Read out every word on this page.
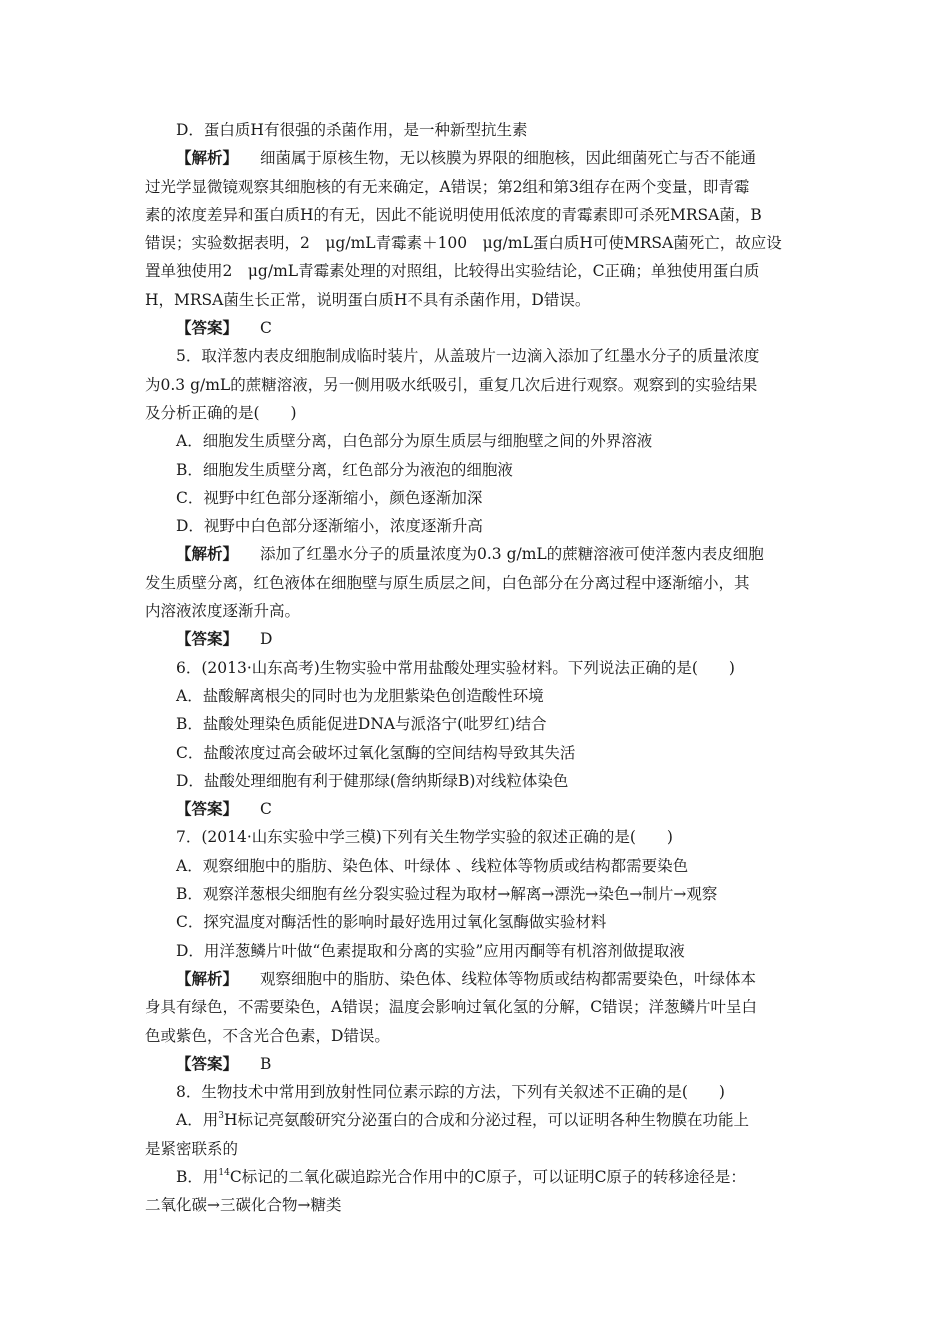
D．蛋白质H有很强的杀菌作用，是一种新型抗生素
【解析】 细菌属于原核生物，无以核膜为界限的细胞核，因此细菌死亡与否不能通
过光学显微镜观察其细胞核的有无来确定，A错误；第2组和第3组存在两个变量，即青霉
素的浓度差异和蛋白质H的有无，因此不能说明使用低浓度的青霉素即可杀死MRSA菌，B
错误；实验数据表明，2　μg/mL青霉素＋100　μg/mL蛋白质H可使MRSA菌死亡，故应设
置单独使用2　μg/mL青霉素处理的对照组，比较得出实验结论，C正确；单独使用蛋白质
H，MRSA菌生长正常，说明蛋白质H不具有杀菌作用，D错误。
【答案】 C
5．取洋葱内表皮细胞制成临时装片，从盖玻片一边滴入添加了红墨水分子的质量浓度
为0.3 g/mL的蔗糖溶液，另一侧用吸水纸吸引，重复几次后进行观察。观察到的实验结果
及分析正确的是(　　)
A．细胞发生质壁分离，白色部分为原生质层与细胞壁之间的外界溶液
B．细胞发生质壁分离，红色部分为液泡的细胞液
C．视野中红色部分逐渐缩小，颜色逐渐加深
D．视野中白色部分逐渐缩小，浓度逐渐升高
【解析】 添加了红墨水分子的质量浓度为0.3 g/mL的蔗糖溶液可使洋葱内表皮细胞
发生质壁分离，红色液体在细胞壁与原生质层之间，白色部分在分离过程中逐渐缩小，其
内溶液浓度逐渐升高。
【答案】 D
6．(2013·山东高考)生物实验中常用盐酸处理实验材料。下列说法正确的是(　　)
A．盐酸解离根尖的同时也为龙胆紫染色创造酸性环境
B．盐酸处理染色质能促进DNA与派洛宁(吡罗红)结合
C．盐酸浓度过高会破坏过氧化氢酶的空间结构导致其失活
D．盐酸处理细胞有利于健那绿(詹纳斯绿B)对线粒体染色
【答案】 C
7．(2014·山东实验中学三模)下列有关生物学实验的叙述正确的是(　　)
A．观察细胞中的脂肪、染色体、叶绿体 、线粒体等物质或结构都需要染色
B．观察洋葱根尖细胞有丝分裂实验过程为取材→解离→漂洗→染色→制片→观察
C．探究温度对酶活性的影响时最好选用过氧化氢酶做实验材料
D．用洋葱鳞片叶做“色素提取和分离的实验”应用丙酮等有机溶剂做提取液
【解析】 观察细胞中的脂肪、染色体、线粒体等物质或结构都需要染色，叶绿体本
身具有绿色，不需要染色，A错误；温度会影响过氧化氢的分解，C错误；洋葱鳞片叶呈白
色或紫色，不含光合色素，D错误。
【答案】 B
8．生物技术中常用到放射性同位素示踪的方法，下列有关叙述不正确的是(　　)
A．用$^3$H标记亮氨酸研究分泌蛋白的合成和分泌过程，可以证明各种生物膜在功能上
是紧密联系的
B．用$^{14}$C标记的二氧化碳追踪光合作用中的C原子，可以证明C原子的转移途径是：
二氧化碳→三碳化合物→糖类
